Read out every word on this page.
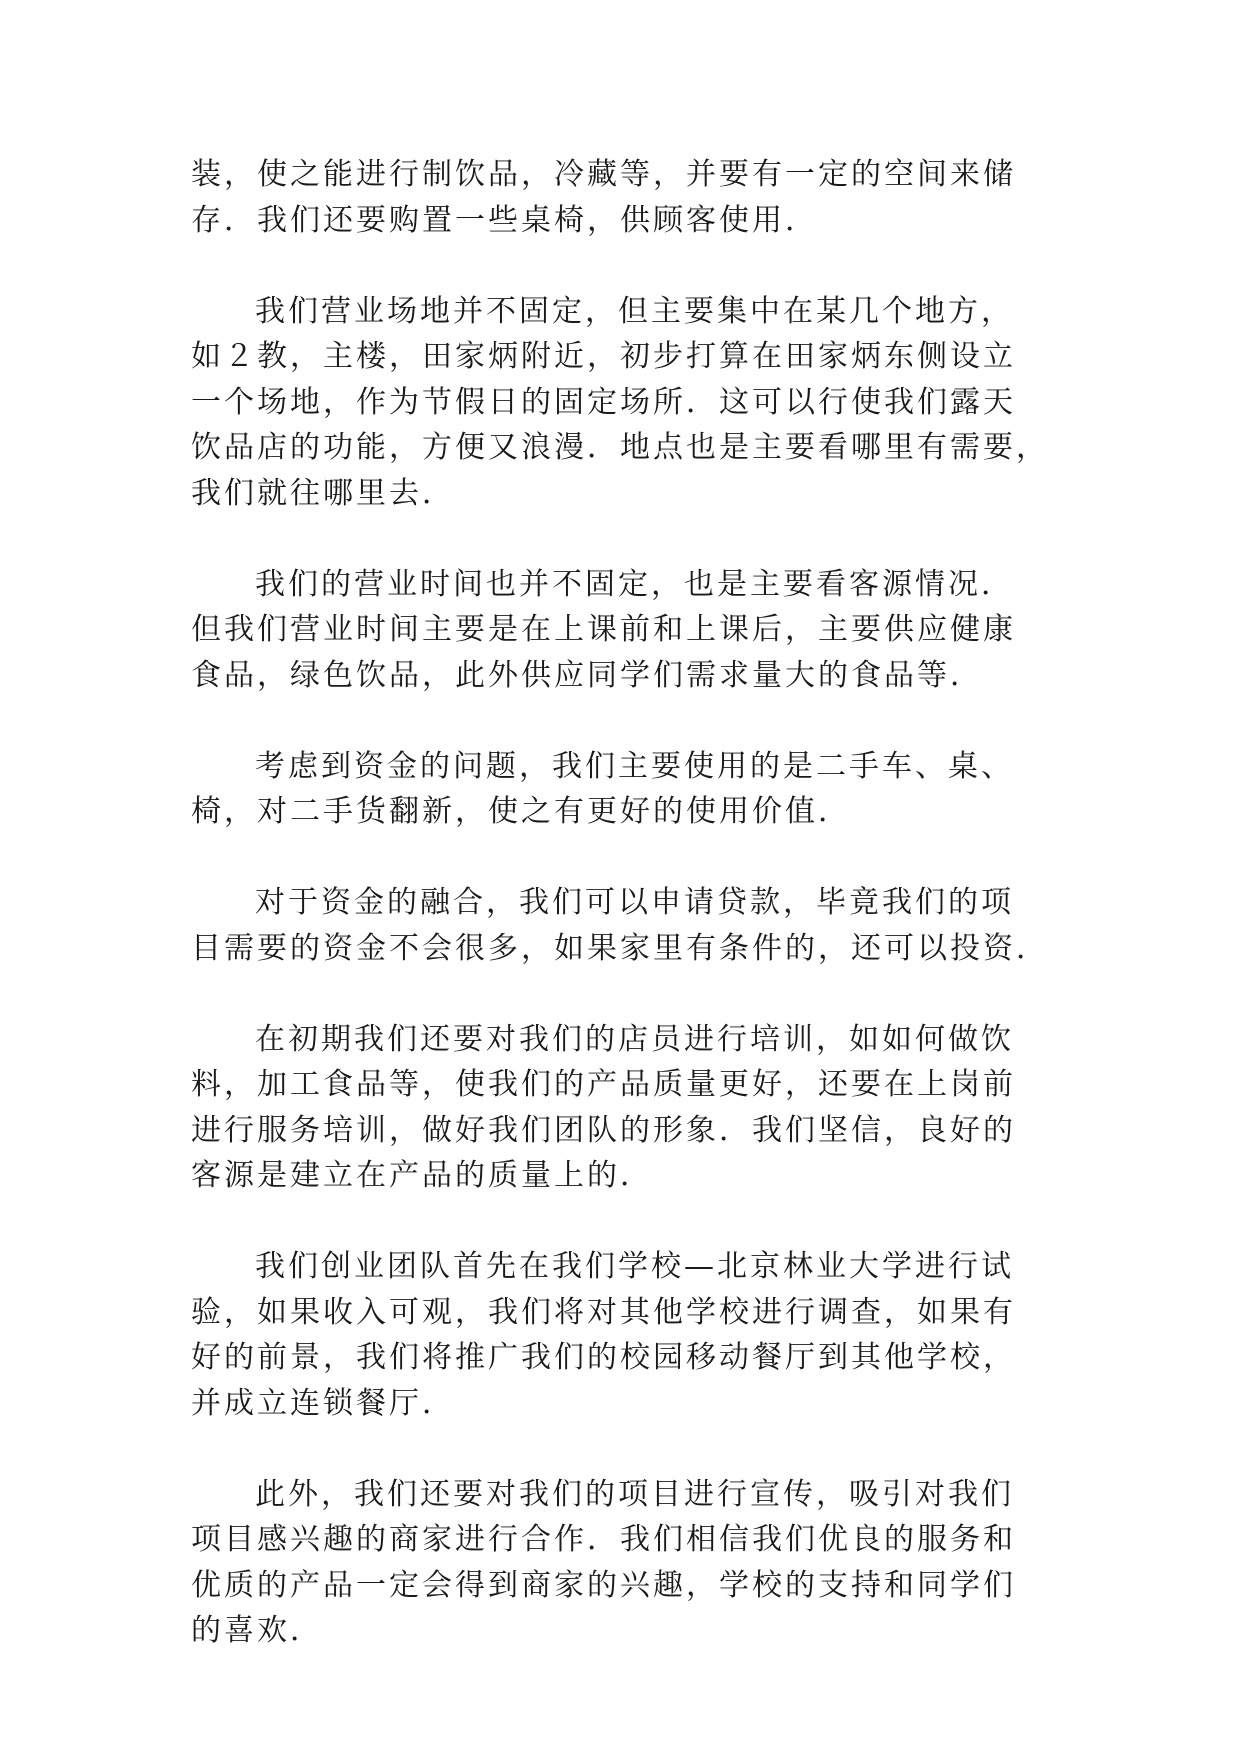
装，使之能进行制饮品，冷藏等，并要有一定的空间来储
存．我们还要购置一些桌椅，供顾客使用．
我们营业场地并不固定，但主要集中在某几个地方，
如２教，主楼，田家炳附近，初步打算在田家炳东侧设立
一个场地，作为节假日的固定场所．这可以行使我们露天
饮品店的功能，方便又浪漫．地点也是主要看哪里有需要，
我们就往哪里去．
我们的营业时间也并不固定，也是主要看客源情况．
但我们营业时间主要是在上课前和上课后，主要供应健康
食品，绿色饮品，此外供应同学们需求量大的食品等．
考虑到资金的问题，我们主要使用的是二手车、桌、
椅，对二手货翻新，使之有更好的使用价值．
对于资金的融合，我们可以申请贷款，毕竟我们的项
目需要的资金不会很多，如果家里有条件的，还可以投资．
在初期我们还要对我们的店员进行培训，如如何做饮
料，加工食品等，使我们的产品质量更好，还要在上岗前
进行服务培训，做好我们团队的形象．我们坚信，良好的
客源是建立在产品的质量上的．
我们创业团队首先在我们学校—北京林业大学进行试
验，如果收入可观，我们将对其他学校进行调查，如果有
好的前景，我们将推广我们的校园移动餐厅到其他学校，
并成立连锁餐厅．
此外，我们还要对我们的项目进行宣传，吸引对我们
项目感兴趣的商家进行合作．我们相信我们优良的服务和
优质的产品一定会得到商家的兴趣，学校的支持和同学们
的喜欢．
